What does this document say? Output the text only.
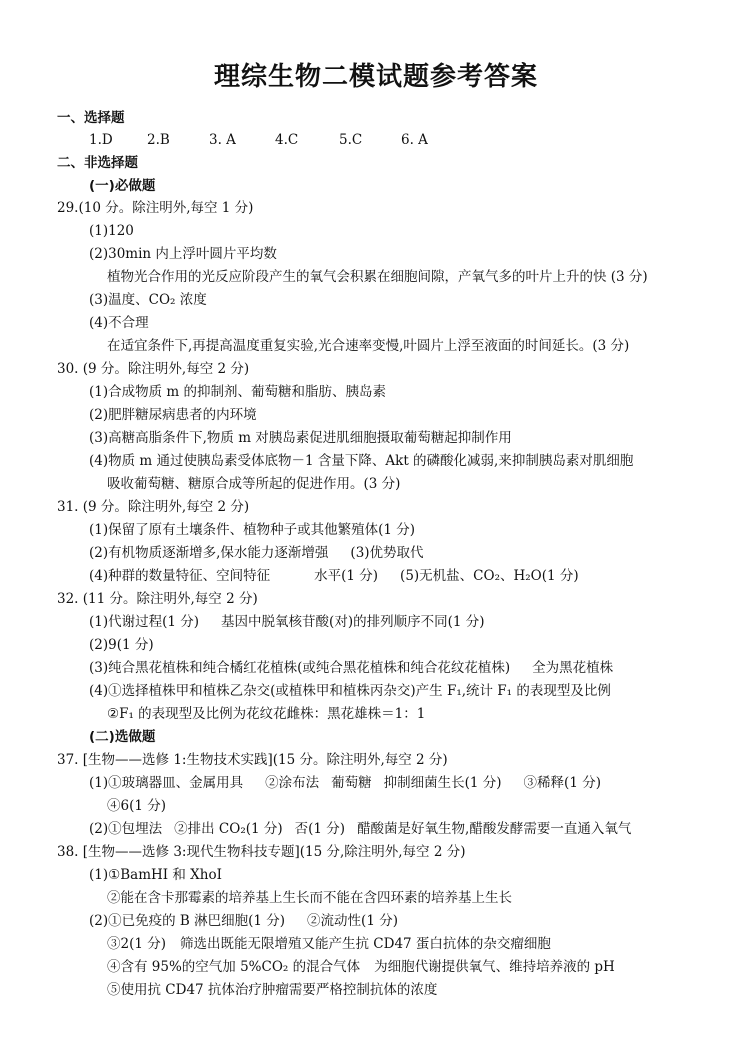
理综生物二模试题参考答案
一、选择题
1.D	2.B	3. A	4.C	5.C	6. A
二、非选择题
(一)必做题
29.(10 分。除注明外,每空 1 分)
(1)120
(2)30min 内上浮叶圆片平均数
植物光合作用的光反应阶段产生的氧气会积累在细胞间隙，产氧气多的叶片上升的快 (3 分)
(3)温度、CO₂ 浓度
(4)不合理
在适宜条件下,再提高温度重复实验,光合速率变慢,叶圆片上浮至液面的时间延长。(3 分)
30. (9 分。除注明外,每空 2 分)
(1)合成物质 m 的抑制剂、葡萄糖和脂肪、胰岛素
(2)肥胖糖尿病患者的内环境
(3)高糖高脂条件下,物质 m 对胰岛素促进肌细胞摄取葡萄糖起抑制作用
(4)物质 m 通过使胰岛素受体底物－1 含量下降、Akt 的磷酸化减弱,来抑制胰岛素对肌细胞
吸收葡萄糖、糖原合成等所起的促进作用。(3 分)
31. (9 分。除注明外,每空 2 分)
(1)保留了原有土壤条件、植物种子或其他繁殖体(1 分)
(2)有机物质逐渐增多,保水能力逐渐增强 (3)优势取代
(4)种群的数量特征、空间特征	水平(1 分) (5)无机盐、CO₂、H₂O(1 分)
32. (11 分。除注明外,每空 2 分)
(1)代谢过程(1 分) 基因中脱氧核苷酸(对)的排列顺序不同(1 分)
(2)9(1 分)
(3)纯合黑花植株和纯合橘红花植株(或纯合黑花植株和纯合花纹花植株) 全为黑花植株
(4)①选择植株甲和植株乙杂交(或植株甲和植株丙杂交)产生 F₁,统计 F₁ 的表现型及比例
②F₁ 的表现型及比例为花纹花雌株：黑花雄株＝1：1
(二)选做题
37. [生物——选修 1:生物技术实践](15 分。除注明外,每空 2 分)
(1)①玻璃器皿、金属用具 ②涂布法 葡萄糖 抑制细菌生长(1 分) ③稀释(1 分)
④6(1 分)
(2)①包埋法 ②排出 CO₂(1 分) 否(1 分) 醋酸菌是好氧生物,醋酸发酵需要一直通入氧气
38. [生物——选修 3:现代生物科技专题](15 分,除注明外,每空 2 分)
(1)①BamHI 和 XhoI
②能在含卡那霉素的培养基上生长而不能在含四环素的培养基上生长
(2)①已免疫的 B 淋巴细胞(1 分) ②流动性(1 分)
③2(1 分) 筛选出既能无限增殖又能产生抗 CD47 蛋白抗体的杂交瘤细胞
④含有 95%的空气加 5%CO₂ 的混合气体 为细胞代谢提供氧气、维持培养液的 pH
⑤使用抗 CD47 抗体治疗肿瘤需要严格控制抗体的浓度
